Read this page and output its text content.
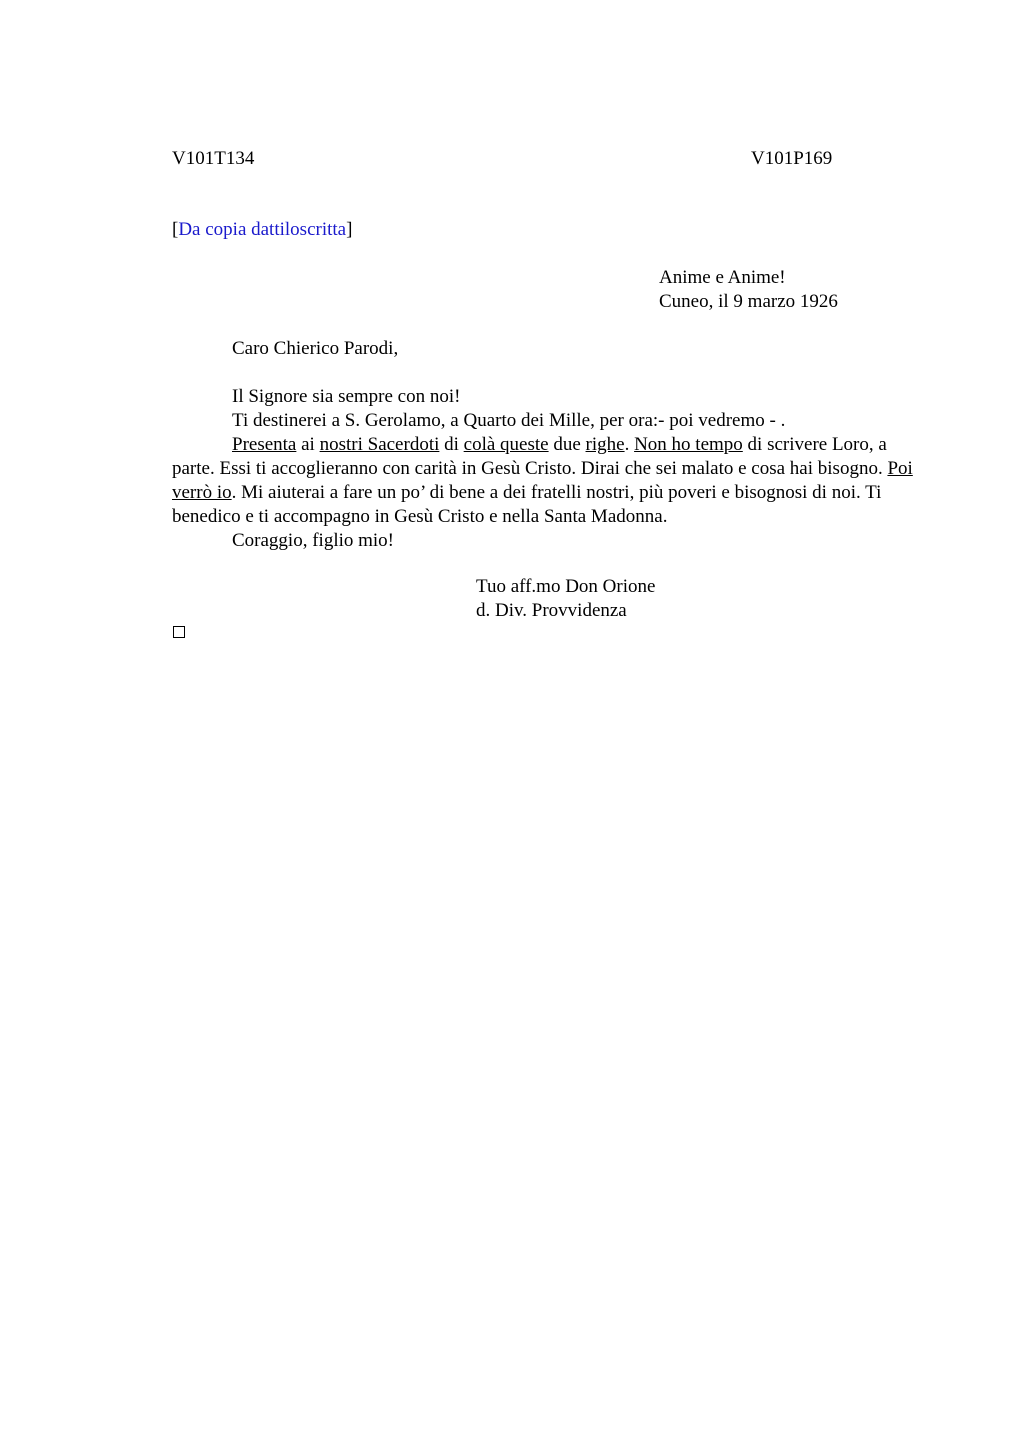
V101T134	V101P169
[Da copia dattiloscritta]
Anime e Anime!
Cuneo, il 9 marzo 1926
Caro Chierico Parodi,

Il Signore sia sempre con noi!

Ti destinerei a S. Gerolamo, a Quarto dei Mille, per ora:- poi vedremo - .

Presenta ai nostri Sacerdoti di colà queste due righe. Non ho tempo di scrivere Loro, a parte. Essi ti accoglieranno con carità in Gesù Cristo. Dirai che sei malato e cosa hai bisogno. Poi verrò io. Mi aiuterai a fare un po’ di bene a dei fratelli nostri, più poveri e bisognosi di noi. Ti benedico e ti accompagno in Gesù Cristo e nella Santa Madonna.

Coraggio, figlio mio!

Tuo aff.mo Don Orione
d. Div. Provvidenza
